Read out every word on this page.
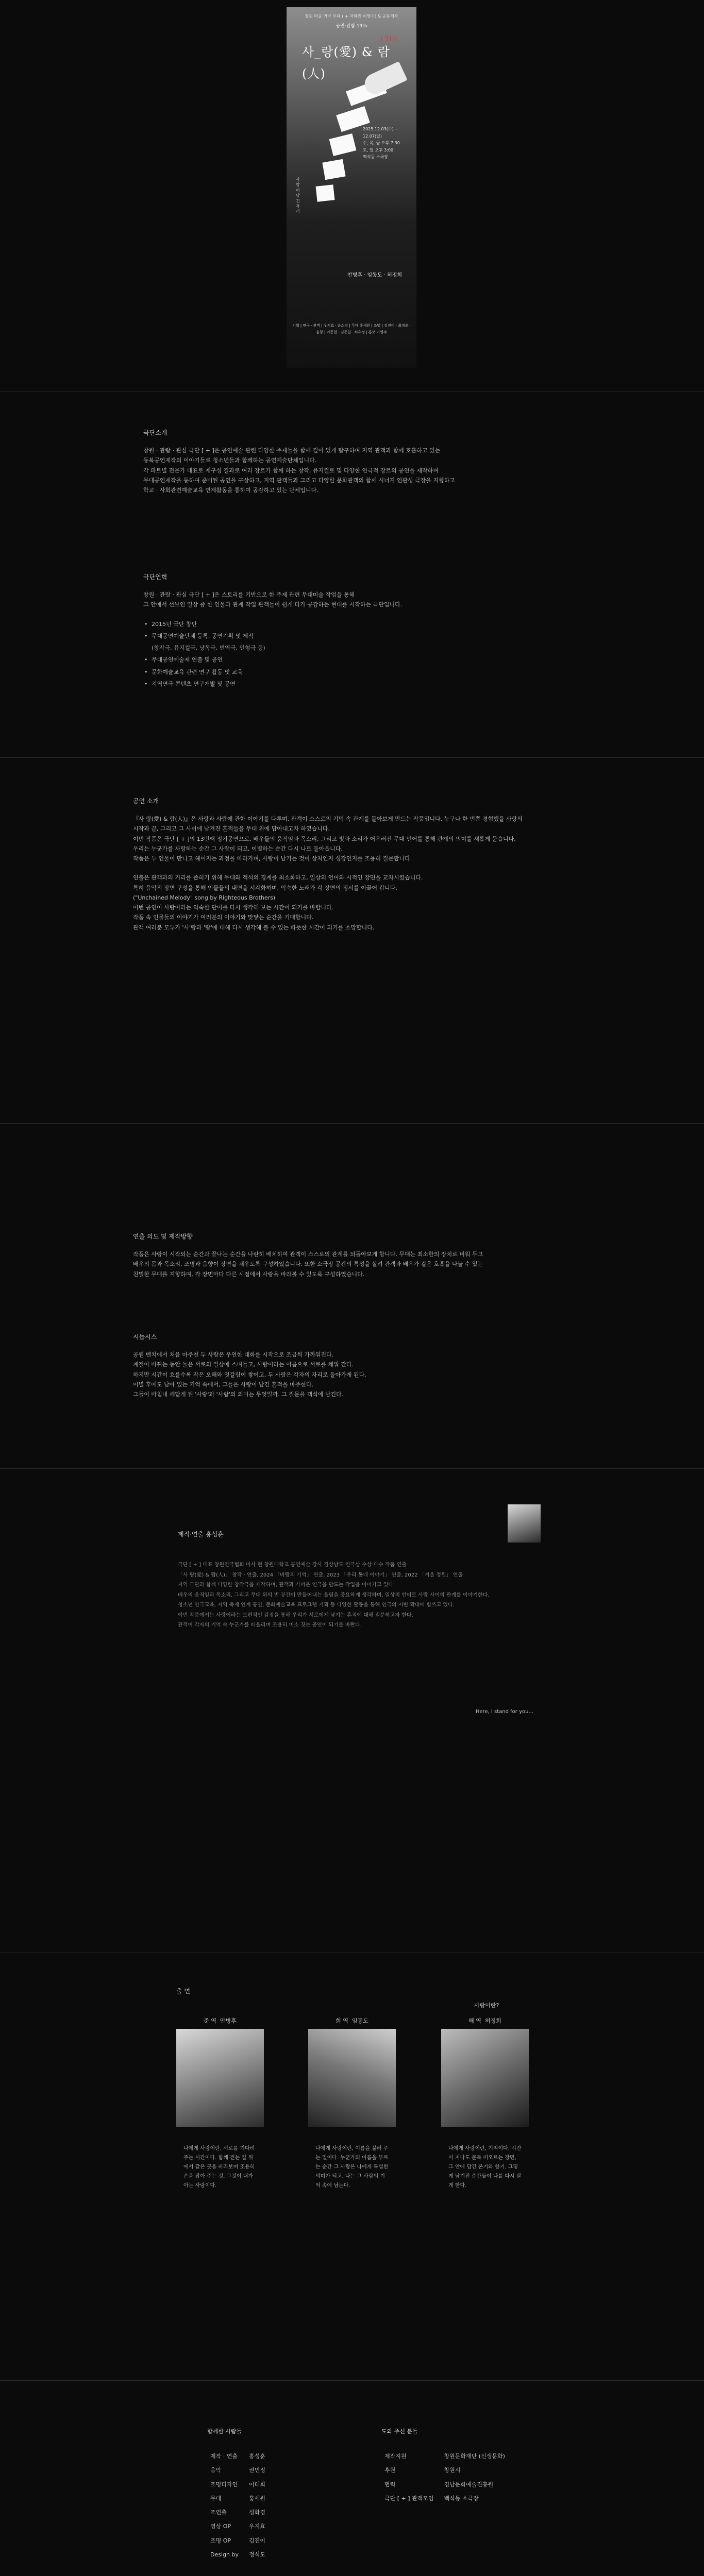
창원 마을 연극 무대 ( + 자하민·이영수) & 공동제작
공연·관람 13th
사_랑(愛) & 람(人)
13th
사랑이 남긴 자리
2025.12.03(수) ~ 12.07(일)
수, 목, 금 오후 7:30
토, 일 오후 3:00
백석동 소극장
안병후 · 임동도 · 허정희
기획 | 연극 · 관객 | 우지효 · 윤소망 | 무대 홍세원 | 조명 | 김진이 · 최정윤 · 음향 | 이동현 · 김동일 · 허유정 | 홍보 이영수
극단소개
창원 · 관람 · 관심 극단 [ + ]은 공연예술 관련 다양한 주제들을 함께 깊이 있게 탐구하며 지역 관객과 함께 호흡하고 있는
동북공연제작의 이야기들로 청소년들과 함께하는 공연예술단체입니다.
각 파트별 전문가 대표로 재구성 결과로 여러 장르가 함께 하는 창작, 뮤지컬로 및 다양한 연극적 장르의 공연을 제작하며
무대공연제작을 통하여 준비된 공연을 구상하고, 지역 관객들과 그리고 다양한 문화관객의 함께 시너지 연관성 극장을 지향하고
학교 · 사회관련예술교육 연계활동을 통하여 공감하고 있는 단체입니다.
극단연혁
창원 · 관람 · 관심 극단 [ + ]은 스토리를 기반으로 한 주제 관련 무대미술 작업을 통해
그 안에서 선보인 일상 중 한 인물과 관계 작업 관객들이 쉽게 다가 공감하는 현대를 시작하는 극단입니다.
• 2015년 극단 창단
• 무대공연예술단체 등록, 공연기획 및 제작
(창작극, 뮤지컬극, 낭독극, 번역극, 인형극 등)
• 무대공연예술제 연출 및 공연
• 문화예술교육 관련 연구 활동 및 교육
• 지역연극 콘텐츠 연구개발 및 공연
공연 소개
『사 랑(愛) & 람(人)』은 사랑과 사람에 관한 이야기를 다루며, 관객이 스스로의 기억 속 관계를 돌아보게 만드는 작품입니다. 누구나 한 번쯤 경험했을 사랑의
시작과 끝, 그리고 그 사이에 남겨진 흔적들을 무대 위에 담아내고자 하였습니다.
이번 작품은 극단 [ + ]의 13번째 정기공연으로, 배우들의 움직임과 목소리, 그리고 빛과 소리가 어우러진 무대 언어를 통해 관계의 의미를 새롭게 묻습니다.
우리는 누군가를 사랑하는 순간 그 사람이 되고, 이별하는 순간 다시 나로 돌아옵니다.
작품은 두 인물이 만나고 헤어지는 과정을 따라가며, 사랑이 남기는 것이 상처인지 성장인지를 조용히 질문합니다.
연출은 관객과의 거리를 좁히기 위해 무대와 객석의 경계를 최소화하고, 일상의 언어와 시적인 장면을 교차시켰습니다.
특히 음악적 장면 구성을 통해 인물들의 내면을 시각화하며, 익숙한 노래가 각 장면의 정서를 이끌어 갑니다.
("Unchained Melody" song by Righteous Brothers)
이번 공연이 사랑이라는 익숙한 단어를 다시 생각해 보는 시간이 되기를 바랍니다.
작품 속 인물들의 이야기가 여러분의 이야기와 맞닿는 순간을 기대합니다.
관객 여러분 모두가 '사'랑과 '람'에 대해 다시 생각해 볼 수 있는 따뜻한 시간이 되기를 소망합니다.
연출 의도 및 제작방향
작품은 사랑이 시작되는 순간과 끝나는 순간을 나란히 배치하여 관객이 스스로의 관계를 되돌아보게 합니다. 무대는 최소한의 장치로 비워 두고
배우의 몸과 목소리, 조명과 음향이 장면을 채우도록 구성하였습니다. 또한 소극장 공간의 특성을 살려 관객과 배우가 같은 호흡을 나눌 수 있는
친밀한 무대를 지향하며, 각 장면마다 다른 시점에서 사랑을 바라볼 수 있도록 구성하였습니다.
시놉시스
공원 벤치에서 처음 마주친 두 사람은 우연한 대화를 시작으로 조금씩 가까워진다.
계절이 바뀌는 동안 둘은 서로의 일상에 스며들고, 사랑이라는 이름으로 서로를 채워 간다.
하지만 시간이 흐를수록 작은 오해와 엇갈림이 쌓이고, 두 사람은 각자의 자리로 돌아가게 된다.
이별 후에도 남아 있는 기억 속에서, 그들은 사랑이 남긴 흔적을 마주한다.
그들이 마침내 깨닫게 된 '사랑'과 '사람'의 의미는 무엇일까. 그 질문을 객석에 남긴다.
제작·연출 홍성훈
극단 [ + ] 대표 창원연극협회 이사 현 창원대학교 공연예술 강사 경상남도 연극상 수상 다수 작품 연출
「사 랑(愛) & 람(人)」 창작 · 연출, 2024 「바람의 기억」 연출, 2023 「우리 동네 이야기」 연출, 2022 「겨울 정원」 연출
지역 극단과 함께 다양한 창작극을 제작하며, 관객과 가까운 연극을 만드는 작업을 이어가고 있다.
배우의 움직임과 목소리, 그리고 무대 위의 빈 공간이 만들어내는 울림을 중요하게 생각하며, 일상의 언어로 사람 사이의 관계를 이야기한다.
청소년 연극교육, 지역 축제 연계 공연, 문화예술교육 프로그램 기획 등 다양한 활동을 통해 연극의 저변 확대에 힘쓰고 있다.
이번 작품에서는 사랑이라는 보편적인 감정을 통해 우리가 서로에게 남기는 흔적에 대해 질문하고자 한다.
관객이 각자의 기억 속 누군가를 떠올리며 조용히 미소 짓는 공연이 되기를 바란다.
Here, I stand for you...
출 연
사랑이란?
준 역 안병후
나에게 사랑이란, 서로를 기다려 주는 시간이다. 함께 걷는 길 위에서 같은 곳을 바라보며 조용히 손을 잡아 주는 것. 그것이 내가 아는 사랑이다.
희 역 임동도
나에게 사랑이란, 이름을 불러 주는 일이다. 누군가의 이름을 부르는 순간 그 사람은 나에게 특별한 의미가 되고, 나는 그 사람의 기억 속에 남는다.
해 역 허정희
나에게 사랑이란, 기억이다. 시간이 지나도 문득 떠오르는 장면, 그 안에 담긴 온기와 향기. 그렇게 남겨진 순간들이 나를 다시 살게 한다.
함께한 사람들
제작 · 연출	홍성훈
음악	권민정
조명디자인	이태희
무대	홍세원
조연출	성화경
영상 OP	우지효
조명 OP	김진이
Design by	정석도
도와 주신 분들
제작지원	창원문화재단 (신생문화)
후원	창원시
협력	경남문화예술진흥원
극단 [ + ] 관객모임	백석동 소극장
